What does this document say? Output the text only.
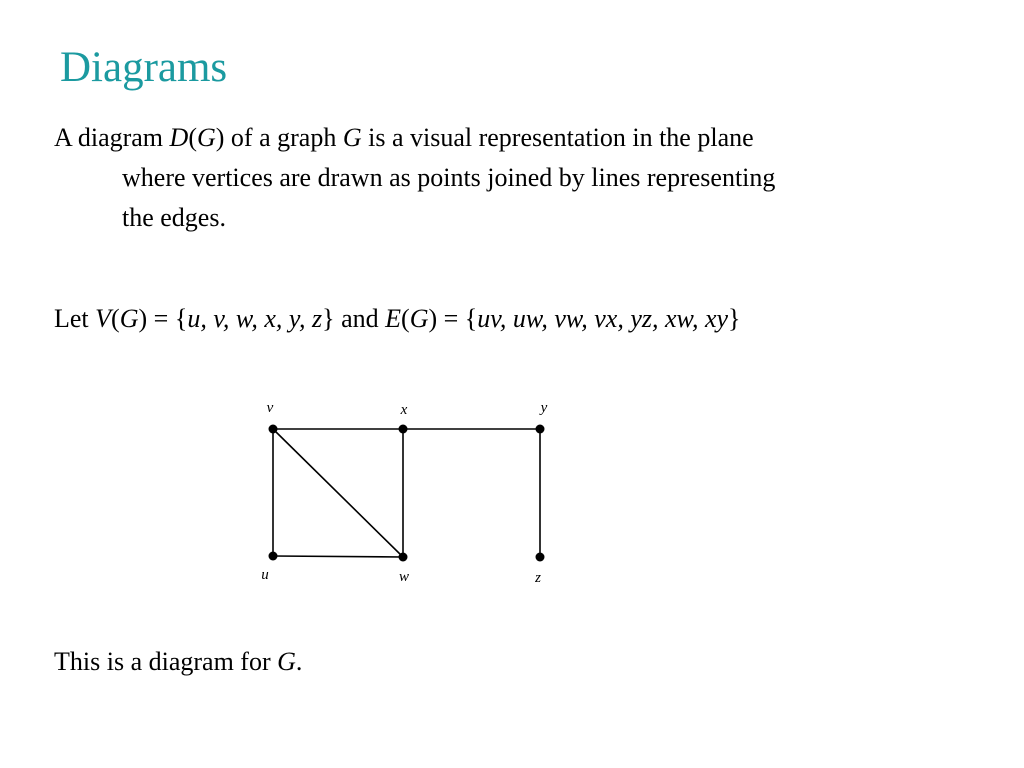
Diagrams
A diagram D(G) of a graph G is a visual representation in the plane
where vertices are drawn as points joined by lines representing
the edges.
Let V(G) = {u, v, w, x, y, z} and E(G) = {uv, uw, vw, vx, yz, xw, xy}
u
v
w
x	y
z
This is a diagram for G.
